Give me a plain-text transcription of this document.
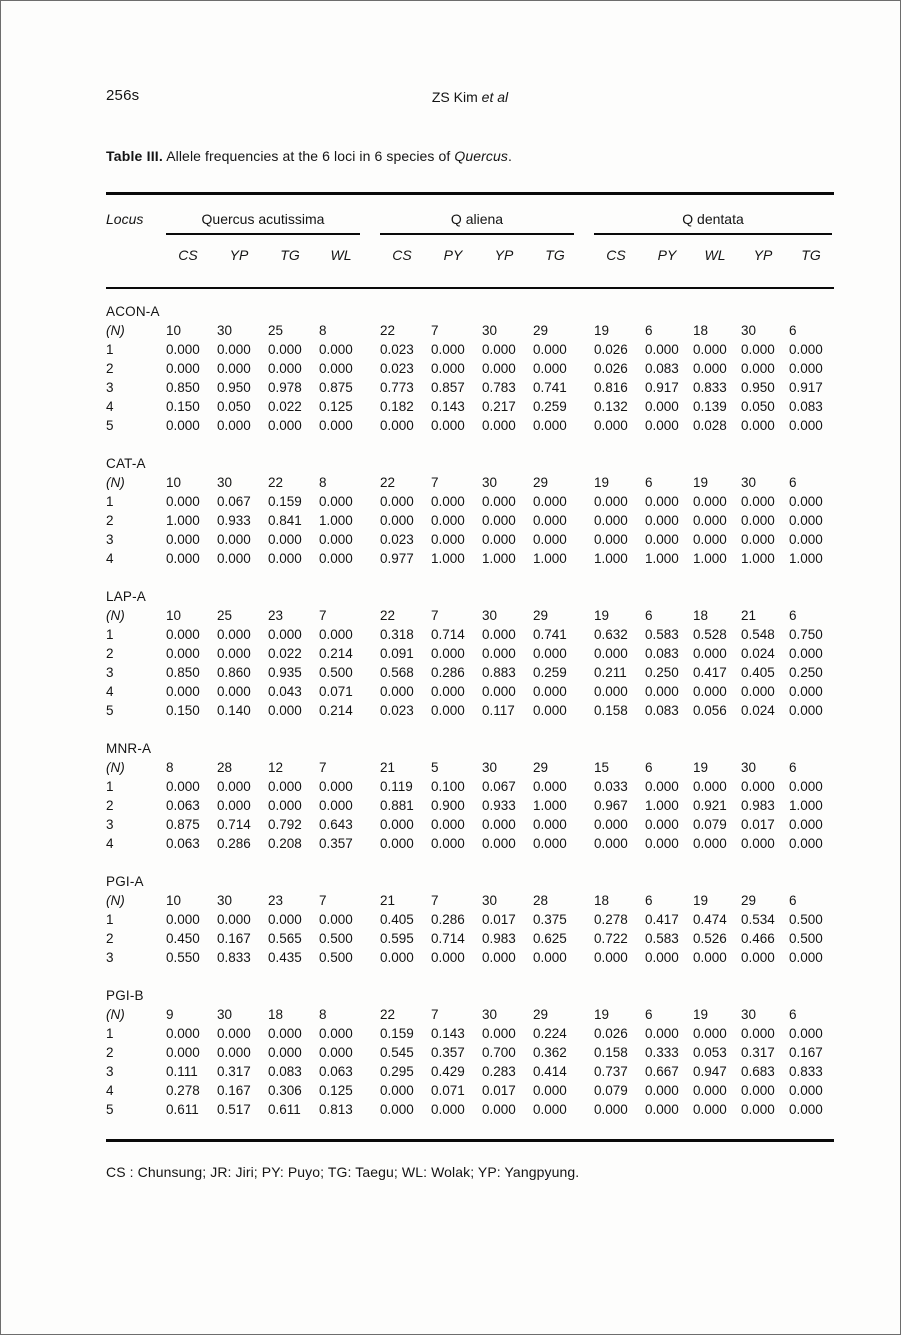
256s	ZS Kim et al

Table III. Allele frequencies at the 6 loci in 6 species of Quercus.

Locus	Quercus acutissima	Q aliena	Q dentata
CS	YP	TG	WL	CS	PY	YP	TG	CS	PY	WL	YP	TG
ACON-A
(N)	10	30	25	8	22	7	30	29	19	6	18	30	6
1	0.000	0.000	0.000	0.000	0.023	0.000	0.000	0.000	0.026	0.000	0.000	0.000	0.000
2	0.000	0.000	0.000	0.000	0.023	0.000	0.000	0.000	0.026	0.083	0.000	0.000	0.000
3	0.850	0.950	0.978	0.875	0.773	0.857	0.783	0.741	0.816	0.917	0.833	0.950	0.917
4	0.150	0.050	0.022	0.125	0.182	0.143	0.217	0.259	0.132	0.000	0.139	0.050	0.083
5	0.000	0.000	0.000	0.000	0.000	0.000	0.000	0.000	0.000	0.000	0.028	0.000	0.000
CAT-A
(N)	10	30	22	8	22	7	30	29	19	6	19	30	6
1	0.000	0.067	0.159	0.000	0.000	0.000	0.000	0.000	0.000	0.000	0.000	0.000	0.000
2	1.000	0.933	0.841	1.000	0.000	0.000	0.000	0.000	0.000	0.000	0.000	0.000	0.000
3	0.000	0.000	0.000	0.000	0.023	0.000	0.000	0.000	0.000	0.000	0.000	0.000	0.000
4	0.000	0.000	0.000	0.000	0.977	1.000	1.000	1.000	1.000	1.000	1.000	1.000	1.000
LAP-A
(N)	10	25	23	7	22	7	30	29	19	6	18	21	6
1	0.000	0.000	0.000	0.000	0.318	0.714	0.000	0.741	0.632	0.583	0.528	0.548	0.750
2	0.000	0.000	0.022	0.214	0.091	0.000	0.000	0.000	0.000	0.083	0.000	0.024	0.000
3	0.850	0.860	0.935	0.500	0.568	0.286	0.883	0.259	0.211	0.250	0.417	0.405	0.250
4	0.000	0.000	0.043	0.071	0.000	0.000	0.000	0.000	0.000	0.000	0.000	0.000	0.000
5	0.150	0.140	0.000	0.214	0.023	0.000	0.117	0.000	0.158	0.083	0.056	0.024	0.000
MNR-A
(N)	8	28	12	7	21	5	30	29	15	6	19	30	6
1	0.000	0.000	0.000	0.000	0.119	0.100	0.067	0.000	0.033	0.000	0.000	0.000	0.000
2	0.063	0.000	0.000	0.000	0.881	0.900	0.933	1.000	0.967	1.000	0.921	0.983	1.000
3	0.875	0.714	0.792	0.643	0.000	0.000	0.000	0.000	0.000	0.000	0.079	0.017	0.000
4	0.063	0.286	0.208	0.357	0.000	0.000	0.000	0.000	0.000	0.000	0.000	0.000	0.000
PGI-A
(N)	10	30	23	7	21	7	30	28	18	6	19	29	6
1	0.000	0.000	0.000	0.000	0.405	0.286	0.017	0.375	0.278	0.417	0.474	0.534	0.500
2	0.450	0.167	0.565	0.500	0.595	0.714	0.983	0.625	0.722	0.583	0.526	0.466	0.500
3	0.550	0.833	0.435	0.500	0.000	0.000	0.000	0.000	0.000	0.000	0.000	0.000	0.000
PGI-B
(N)	9	30	18	8	22	7	30	29	19	6	19	30	6
1	0.000	0.000	0.000	0.000	0.159	0.143	0.000	0.224	0.026	0.000	0.000	0.000	0.000
2	0.000	0.000	0.000	0.000	0.545	0.357	0.700	0.362	0.158	0.333	0.053	0.317	0.167
3	0.111	0.317	0.083	0.063	0.295	0.429	0.283	0.414	0.737	0.667	0.947	0.683	0.833
4	0.278	0.167	0.306	0.125	0.000	0.071	0.017	0.000	0.079	0.000	0.000	0.000	0.000
5	0.611	0.517	0.611	0.813	0.000	0.000	0.000	0.000	0.000	0.000	0.000	0.000	0.000

CS : Chunsung; JR: Jiri; PY: Puyo; TG: Taegu; WL: Wolak; YP: Yangpyung.
